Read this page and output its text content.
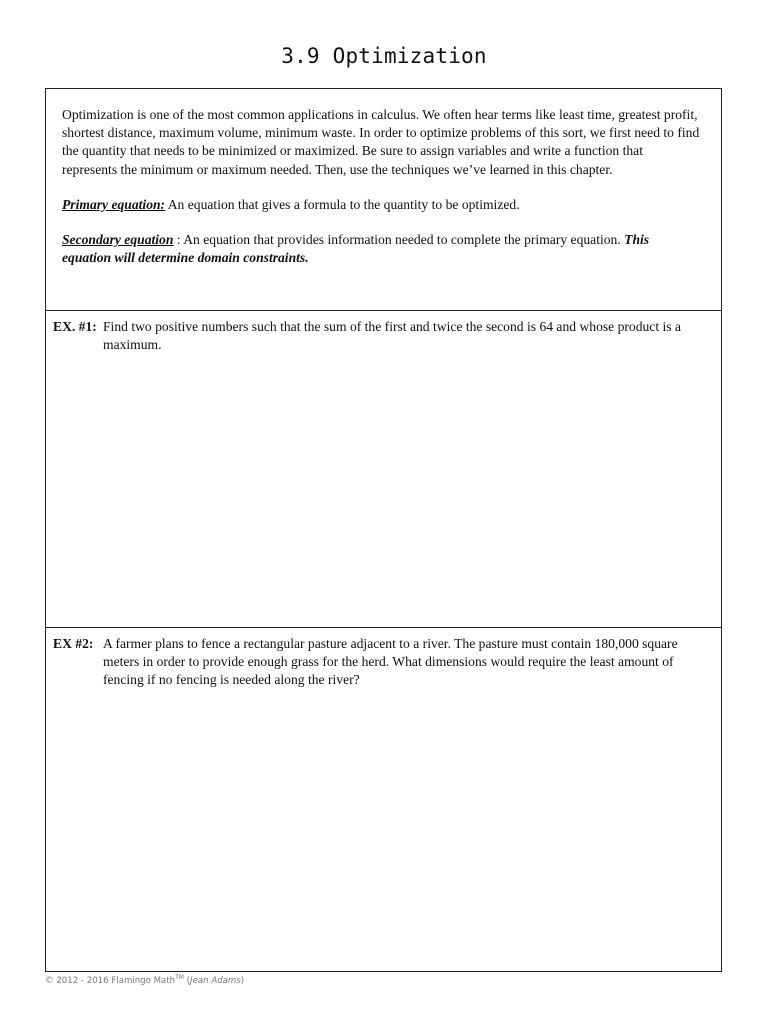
3.9 Optimization

Optimization is one of the most common applications in calculus. We often hear terms like least time, greatest profit, shortest distance, maximum volume, minimum waste. In order to optimize problems of this sort, we first need to find the quantity that needs to be minimized or maximized. Be sure to assign variables and write a function that represents the minimum or maximum needed. Then, use the techniques we’ve learned in this chapter.

Primary equation: An equation that gives a formula to the quantity to be optimized.

Secondary equation : An equation that provides information needed to complete the primary equation. This equation will determine domain constraints.

EX. #1: Find two positive numbers such that the sum of the first and twice the second is 64 and whose product is a maximum.
EX #2: A farmer plans to fence a rectangular pasture adjacent to a river. The pasture must contain 180,000 square meters in order to provide enough grass for the herd. What dimensions would require the least amount of fencing if no fencing is needed along the river?
© 2012 - 2016 Flamingo Math™ (Jean Adams)
